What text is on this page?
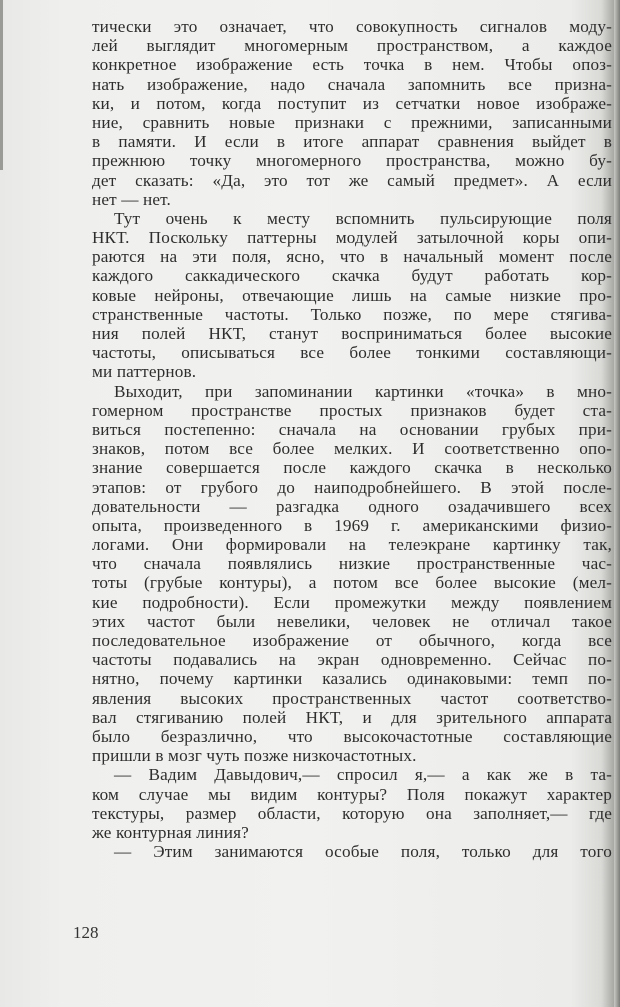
тически это означает, что совокупность сигналов моду-
лей выглядит многомерным пространством, а каждое
конкретное изображение есть точка в нем. Чтобы опоз-
нать изображение, надо сначала запомнить все призна-
ки, и потом, когда поступит из сетчатки новое изображе-
ние, сравнить новые признаки с прежними, записанными
в памяти. И если в итоге аппарат сравнения выйдет в
прежнюю точку многомерного пространства, можно бу-
дет сказать: «Да, это тот же самый предмет». А если
нет — нет.
Тут очень к месту вспомнить пульсирующие поля
НКТ. Поскольку паттерны модулей затылочной коры опи-
раются на эти поля, ясно, что в начальный момент после
каждого саккадического скачка будут работать кор-
ковые нейроны, отвечающие лишь на самые низкие про-
странственные частоты. Только позже, по мере стягива-
ния полей НКТ, станут восприниматься более высокие
частоты, описываться все более тонкими составляющи-
ми паттернов.
Выходит, при запоминании картинки «точка» в мно-
гомерном пространстве простых признаков будет ста-
виться постепенно: сначала на основании грубых при-
знаков, потом все более мелких. И соответственно опо-
знание совершается после каждого скачка в несколько
этапов: от грубого до наиподробнейшего. В этой после-
довательности — разгадка одного озадачившего всех
опыта, произведенного в 1969 г. американскими физио-
логами. Они формировали на телеэкране картинку так,
что сначала появлялись низкие пространственные час-
тоты (грубые контуры), а потом все более высокие (мел-
кие подробности). Если промежутки между появлением
этих частот были невелики, человек не отличал такое
последовательное изображение от обычного, когда все
частоты подавались на экран одновременно. Сейчас по-
нятно, почему картинки казались одинаковыми: темп по-
явления высоких пространственных частот соответство-
вал стягиванию полей НКТ, и для зрительного аппарата
было безразлично, что высокочастотные составляющие
пришли в мозг чуть позже низкочастотных.
— Вадим Давыдович,— спросил я,— а как же в та-
ком случае мы видим контуры? Поля покажут характер
текстуры, размер области, которую она заполняет,— где
же контурная линия?
— Этим занимаются особые поля, только для того
128
